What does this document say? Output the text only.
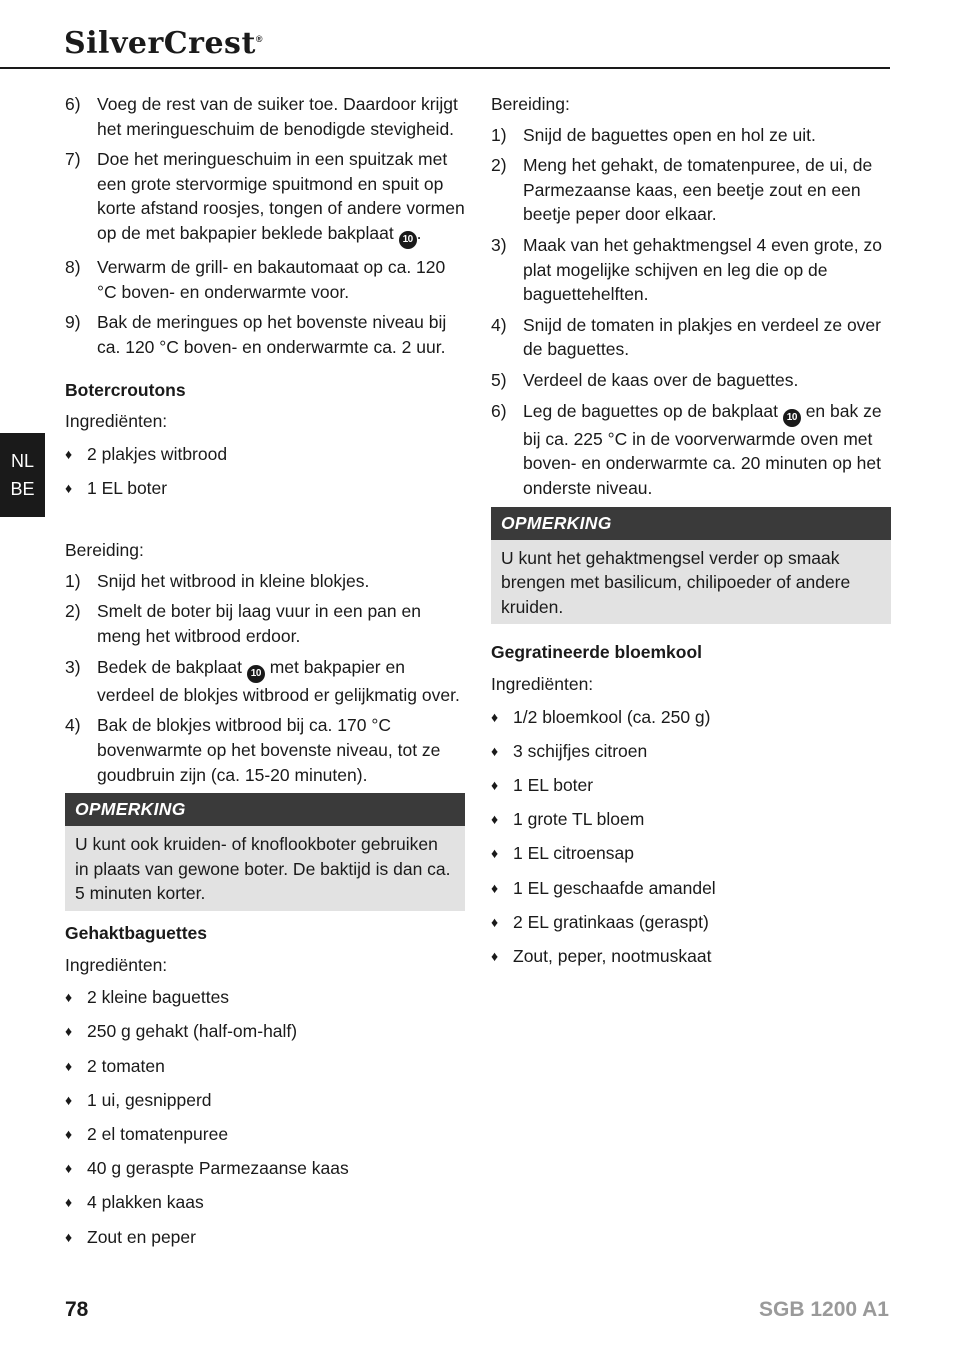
SilverCrest®
NL
BE
6) Voeg de rest van de suiker toe. Daardoor krijgt het meringueschuim de benodigde stevigheid.
7) Doe het meringueschuim in een spuitzak met een grote stervormige spuitmond en spuit op korte afstand roosjes, tongen of andere vormen op de met bakpapier beklede bakplaat 10 .
8) Verwarm de grill- en bakautomaat op ca. 120 °C boven- en onderwarmte voor.
9) Bak de meringues op het bovenste niveau bij ca. 120 °C boven- en onderwarmte ca. 2 uur.
Botercroutons
Ingrediënten:
♦ 2 plakjes witbrood
♦ 1 EL boter
Bereiding:
1) Snijd het witbrood in kleine blokjes.
2) Smelt de boter bij laag vuur in een pan en meng het witbrood erdoor.
3) Bedek de bakplaat 10 met bakpapier en verdeel de blokjes witbrood er gelijkmatig over.
4) Bak de blokjes witbrood bij ca. 170 °C bovenwarmte op het bovenste niveau, tot ze goudbruin zijn (ca. 15-20 minuten).
OPMERKING
U kunt ook kruiden- of knoflookboter gebruiken in plaats van gewone boter. De baktijd is dan ca. 5 minuten korter.
Gehaktbaguettes
Ingrediënten:
♦ 2 kleine baguettes
♦ 250 g gehakt (half-om-half)
♦ 2 tomaten
♦ 1 ui, gesnipperd
♦ 2 el tomatenpuree
♦ 40 g geraspte Parmezaanse kaas
♦ 4 plakken kaas
♦ Zout en peper
Bereiding:
1) Snijd de baguettes open en hol ze uit.
2) Meng het gehakt, de tomatenpuree, de ui, de Parmezaanse kaas, een beetje zout en een beetje peper door elkaar.
3) Maak van het gehaktmengsel 4 even grote, zo plat mogelijke schijven en leg die op de baguettehelften.
4) Snijd de tomaten in plakjes en verdeel ze over de baguettes.
5) Verdeel de kaas over de baguettes.
6) Leg de baguettes op de bakplaat 10 en bak ze bij ca. 225 °C in de voorverwarmde oven met boven- en onderwarmte ca. 20 minuten op het onderste niveau.
OPMERKING
U kunt het gehaktmengsel verder op smaak brengen met basilicum, chilipoeder of andere kruiden.
Gegratineerde bloemkool
Ingrediënten:
♦ 1/2 bloemkool (ca. 250 g)
♦ 3 schijfjes citroen
♦ 1 EL boter
♦ 1 grote TL bloem
♦ 1 EL citroensap
♦ 1 EL geschaafde amandel
♦ 2 EL gratinkaas (geraspt)
♦ Zout, peper, nootmuskaat
78	SGB 1200 A1
